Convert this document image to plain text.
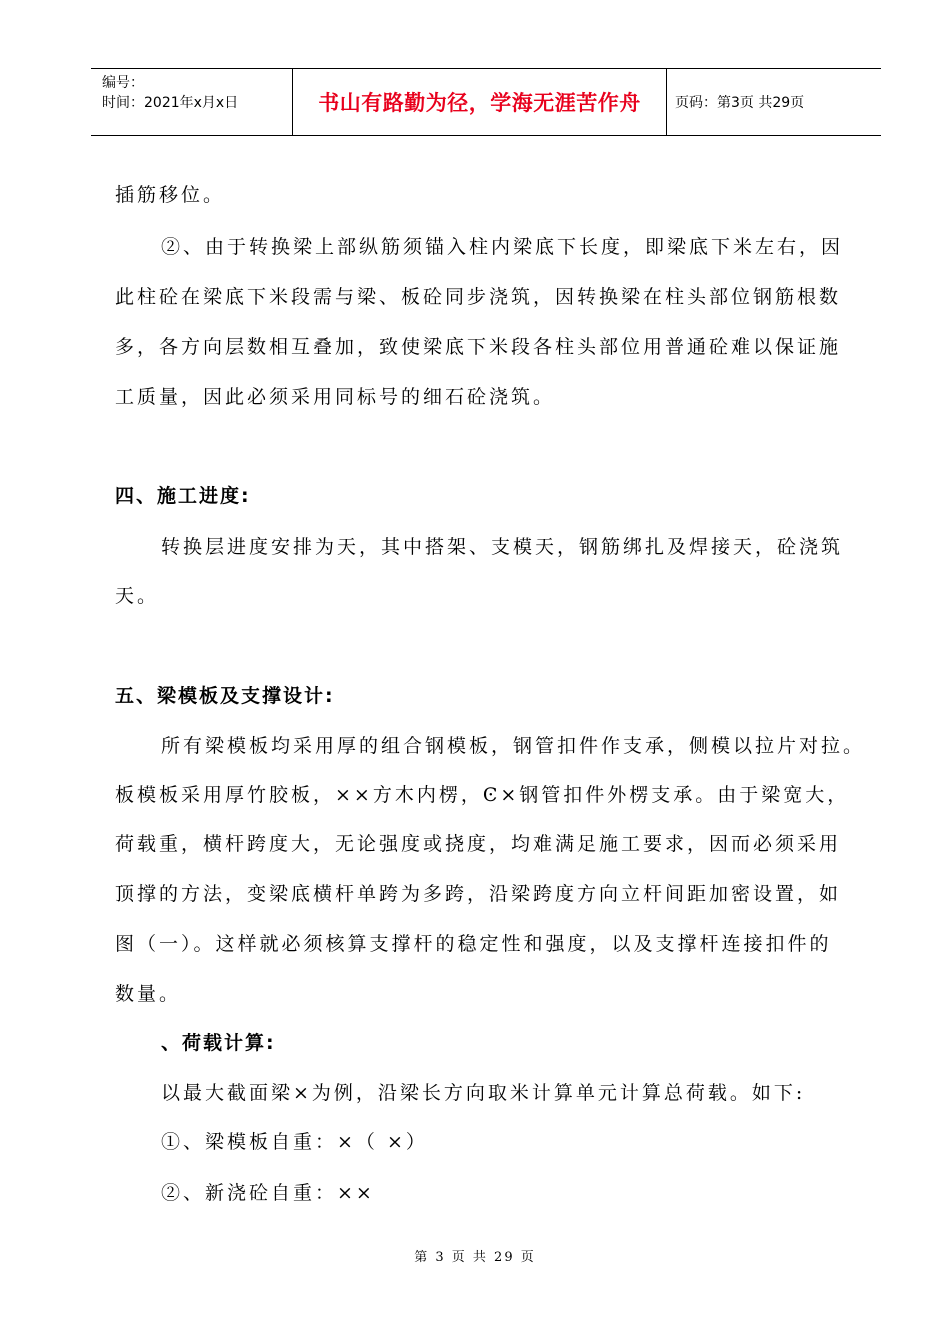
编号：
时间：2021年x月x日	书山有路勤为径，学海无涯苦作舟	页码：第3页 共29页
插筋移位。
②、由于转换梁上部纵筋须锚入柱内梁底下长度，即梁底下米左右，因
此柱砼在梁底下米段需与梁、板砼同步浇筑，因转换梁在柱头部位钢筋根数
多，各方向层数相互叠加，致使梁底下米段各柱头部位用普通砼难以保证施
工质量，因此必须采用同标号的细石砼浇筑。
四、施工进度:
转换层进度安排为天，其中搭架、支模天，钢筋绑扎及焊接天，砼浇筑
天。
五、梁模板及支撑设计:
所有梁模板均采用厚的组合钢模板，钢管扣件作支承，侧模以拉片对拉。
板模板采用厚竹胶板，××方木内楞，Ͼ×钢管扣件外楞支承。由于梁宽大，
荷载重，横杆跨度大，无论强度或挠度，均难满足施工要求，因而必须采用
顶撑的方法，变梁底横杆单跨为多跨，沿梁跨度方向立杆间距加密设置，如
图（一）。这样就必须核算支撑杆的稳定性和强度，以及支撑杆连接扣件的
数量。
、荷载计算:
以最大截面梁×为例，沿梁长方向取米计算单元计算总荷载。如下:
①、梁模板自重：×（ ×）
②、新浇砼自重：××
第 3 页 共 29 页
